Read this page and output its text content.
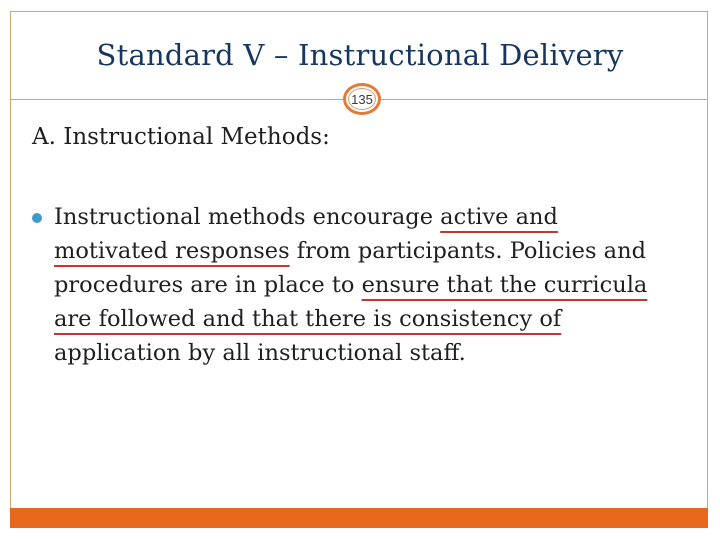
Standard V – Instructional Delivery
135
A. Instructional Methods:

Instructional methods encourage active and

motivated responses from participants. Policies and

procedures are in place to ensure that the curricula

are followed and that there is consistency of

application by all instructional staff.
